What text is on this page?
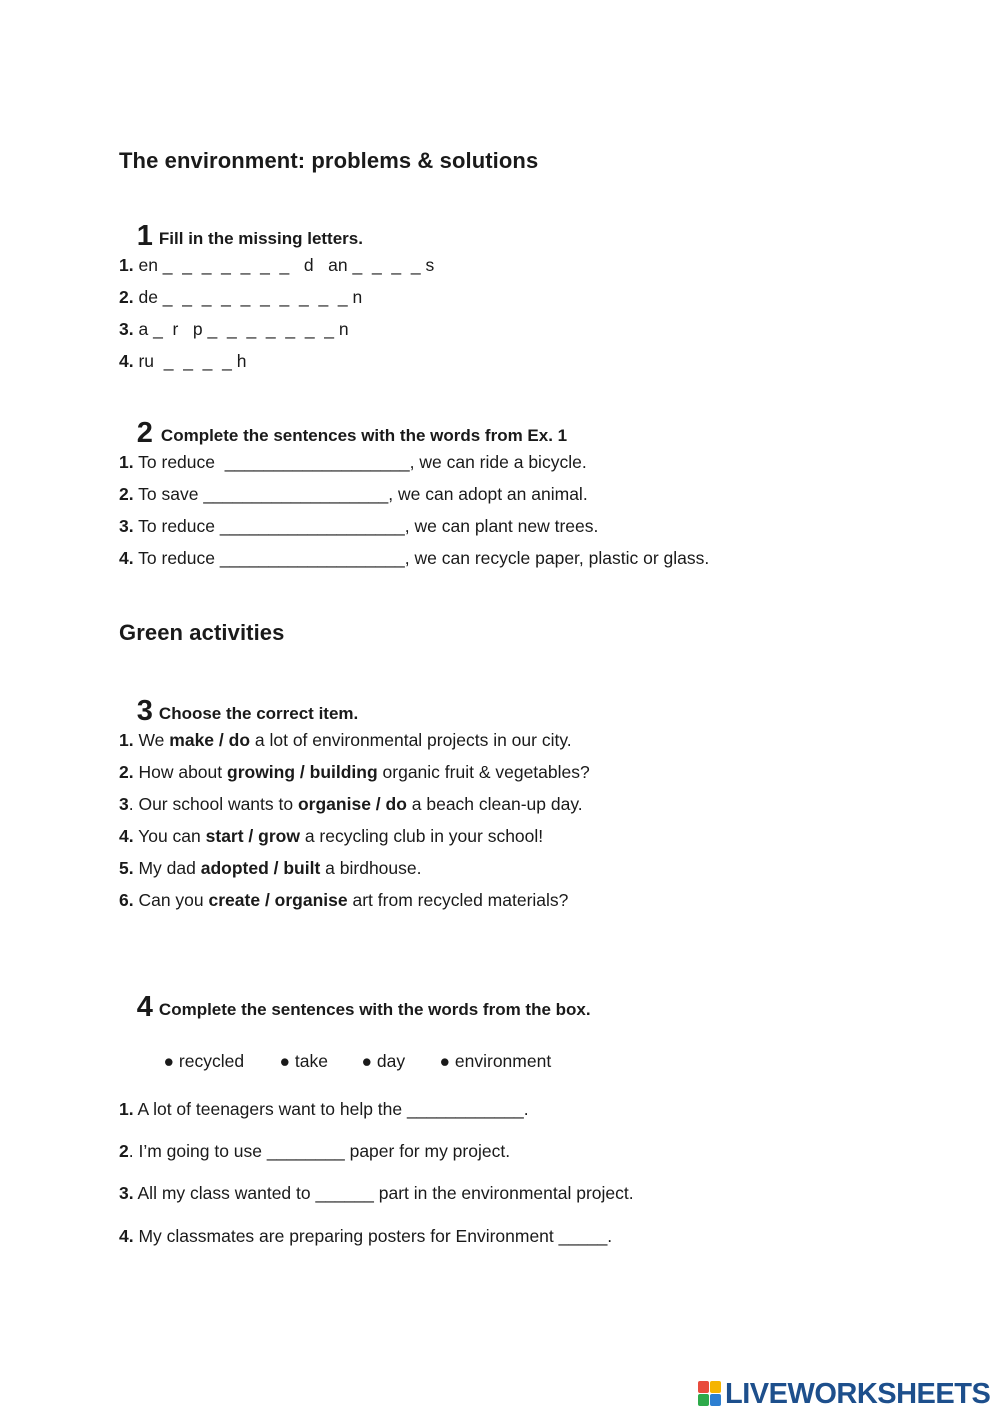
The environment: problems & solutions

1 Fill in the missing letters.

1. en _  _  _  _  _  _  _   d   an _  _  _  _ s
2. de _  _  _  _  _  _  _  _  _  _ n
3. a _  r   p _  _  _  _  _  _  _ n
4. ru  _  _  _  _ h

2 Complete the sentences with the words from Ex. 1

1. To reduce  ___________________, we can ride a bicycle.
2. To save ___________________, we can adopt an animal.
3. To reduce ___________________, we can plant new trees.
4. To reduce ___________________, we can recycle paper, plastic or glass.
Green activities

3 Choose the correct item.

1. We make / do a lot of environmental projects in our city.
2. How about growing / building organic fruit & vegetables?
3. Our school wants to organise / do a beach clean-up day.
4. You can start / grow a recycling club in your school!
5. My dad adopted / built a birdhouse.
6. Can you create / organise art from recycled materials?

4 Complete the sentences with the words from the box.

● recycled ● take ● day ● environment

1. A lot of teenagers want to help the ____________.
2. I’m going to use ________ paper for my project.
3. All my class wanted to ______ part in the environmental project.
4. My classmates are preparing posters for Environment _____.
LIVEWORKSHEETS
